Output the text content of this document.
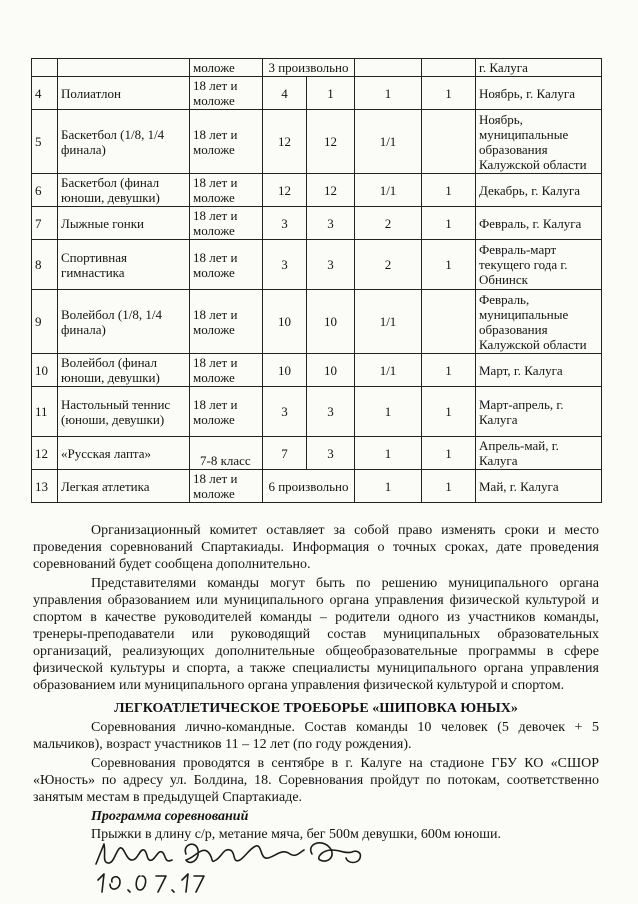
		моложе	3 произвольно				г. Калуга
4	Полиатлон	18 лет и моложе	4	1	1	1	Ноябрь, г. Калуга
5	Баскетбол (1/8, 1/4 финала)	18 лет и моложе	12	12	1/1		Ноябрь, муниципальные образования Калужской области
6	Баскетбол (финал юноши, девушки)	18 лет и моложе	12	12	1/1	1	Декабрь, г. Калуга
7	Лыжные гонки	18 лет и моложе	3	3	2	1	Февраль, г. Калуга
8	Спортивная гимнастика	18 лет и моложе	3	3	2	1	Февраль-март текущего года г. Обнинск
9	Волейбол (1/8, 1/4 финала)	18 лет и моложе	10	10	1/1		Февраль, муниципальные образования Калужской области
10	Волейбол (финал юноши, девушки)	18 лет и моложе	10	10	1/1	1	Март, г. Калуга
11	Настольный теннис (юноши, девушки)	18 лет и моложе	3	3	1	1	Март-апрель, г. Калуга
12	«Русская лапта»	7-8 класс	7	3	1	1	Апрель-май, г. Калуга
13	Легкая атлетика	18 лет и моложе	6 произвольно		1	1	Май, г. Калуга
Организационный комитет оставляет за собой право изменять сроки и место проведения соревнований Спартакиады. Информация о точных сроках, дате проведения соревнований будет сообщена дополнительно.
Представителями команды могут быть по решению муниципального органа управления образованием или муниципального органа управления физической культурой и спортом в качестве руководителей команды – родители одного из участников команды, тренеры-преподаватели или руководящий состав муниципальных образовательных организаций, реализующих дополнительные общеобразовательные программы в сфере физической культуры и спорта, а также специалисты муниципального органа управления образованием или муниципального органа управления физической культурой и спортом.
ЛЕГКОАТЛЕТИЧЕСКОЕ ТРОЕБОРЬЕ «ШИПОВКА ЮНЫХ»
Соревнования лично-командные. Состав команды 10 человек (5 девочек + 5 мальчиков), возраст участников 11 – 12 лет (по году рождения).
Соревнования проводятся в сентябре в г. Калуге на стадионе ГБУ КО «СШОР «Юность» по адресу ул. Болдина, 18. Соревнования пройдут по потокам, соответственно занятым местам в предыдущей Спартакиаде.
Программа соревнований
Прыжки в длину с/р, метание мяча, бег 500м девушки, 600м юноши.
